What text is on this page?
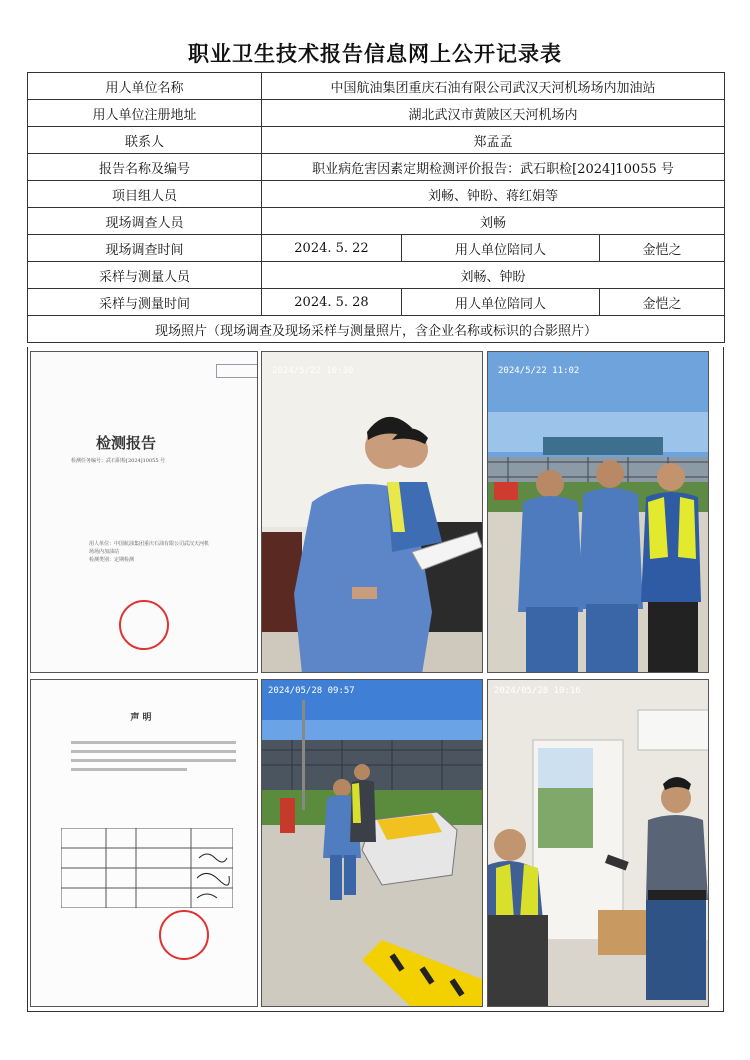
职业卫生技术报告信息网上公开记录表
用人单位名称	中国航油集团重庆石油有限公司武汉天河机场场内加油站		
用人单位注册地址	湖北武汉市黄陂区天河机场内		
联系人	郑孟孟		
报告名称及编号	职业病危害因素定期检测评价报告：武石职检[2024]10055 号		
项目组人员	刘畅、钟盼、蒋红娟等		
现场调查人员	刘畅		
现场调查时间	2024. 5. 22	用人单位陪同人	金恺之
采样与测量人员	刘畅、钟盼		
采样与测量时间	2024. 5. 28	用人单位陪同人	金恺之
现场照片（现场调查及现场采样与测量照片，含企业名称或标识的合影照片）			
检测报告
检测任务编号：武石职检[2024]10055 号
用人单位：中国航油集团重庆石油有限公司武汉天河机场场内加油站
检测类别：定期检测
2024/5/22 10:30	2024/5/22 11:02
声 明
2024/05/28 09:57	2024/05/28 10:16
